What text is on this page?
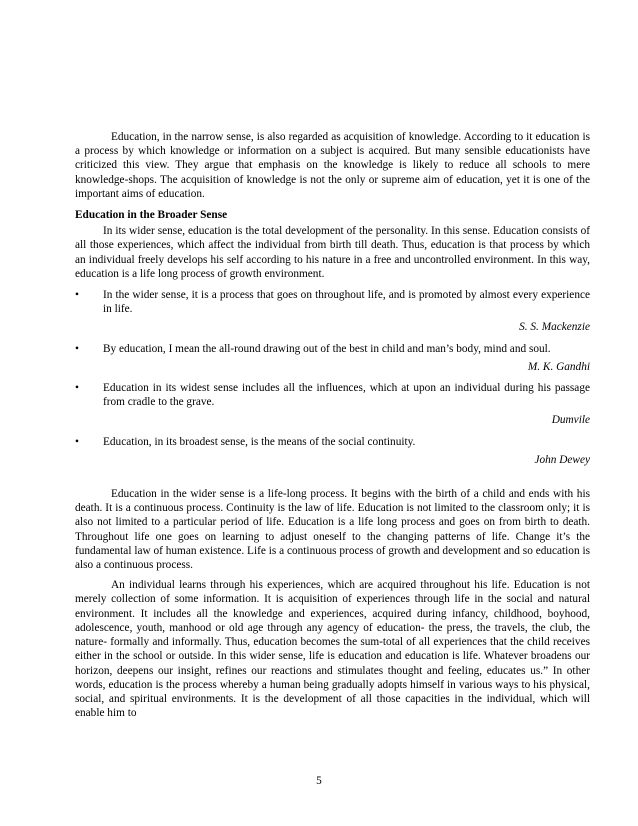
Education, in the narrow sense, is also regarded as acquisition of knowledge. According to it education is a process by which knowledge or information on a subject is acquired. But many sensible educationists have criticized this view. They argue that emphasis on the knowledge is likely to reduce all schools to mere knowledge-shops. The acquisition of knowledge is not the only or supreme aim of education, yet it is one of the important aims of education.

Education in the Broader Sense

In its wider sense, education is the total development of the personality. In this sense. Education consists of all those experiences, which affect the individual from birth till death. Thus, education is that process by which an individual freely develops his self according to his nature in a free and uncontrolled environment. In this way, education is a life long process of growth environment.

• In the wider sense, it is a process that goes on throughout life, and is promoted by almost every experience in life.

S. S. Mackenzie

• By education, I mean the all-round drawing out of the best in child and man’s body, mind and soul.

M. K. Gandhi

• Education in its widest sense includes all the influences, which at upon an individual during his passage from cradle to the grave.

Dumvile

• Education, in its broadest sense, is the means of the social continuity.

John Dewey

Education in the wider sense is a life-long process. It begins with the birth of a child and ends with his death. It is a continuous process. Continuity is the law of life. Education is not limited to the classroom only; it is also not limited to a particular period of life. Education is a life long process and goes on from birth to death. Throughout life one goes on learning to adjust oneself to the changing patterns of life. Change it’s the fundamental law of human existence. Life is a continuous process of growth and development and so education is also a continuous process.

An individual learns through his experiences, which are acquired throughout his life. Education is not merely collection of some information. It is acquisition of experiences through life in the social and natural environment. It includes all the knowledge and experiences, acquired during infancy, childhood, boyhood, adolescence, youth, manhood or old age through any agency of education- the press, the travels, the club, the nature- formally and informally. Thus, education becomes the sum-total of all experiences that the child receives either in the school or outside. In this wider sense, life is education and education is life. Whatever broadens our horizon, deepens our insight, refines our reactions and stimulates thought and feeling, educates us.” In other words, education is the process whereby a human being gradually adopts himself in various ways to his physical, social, and spiritual environments. It is the development of all those capacities in the individual, which will enable him to

5
